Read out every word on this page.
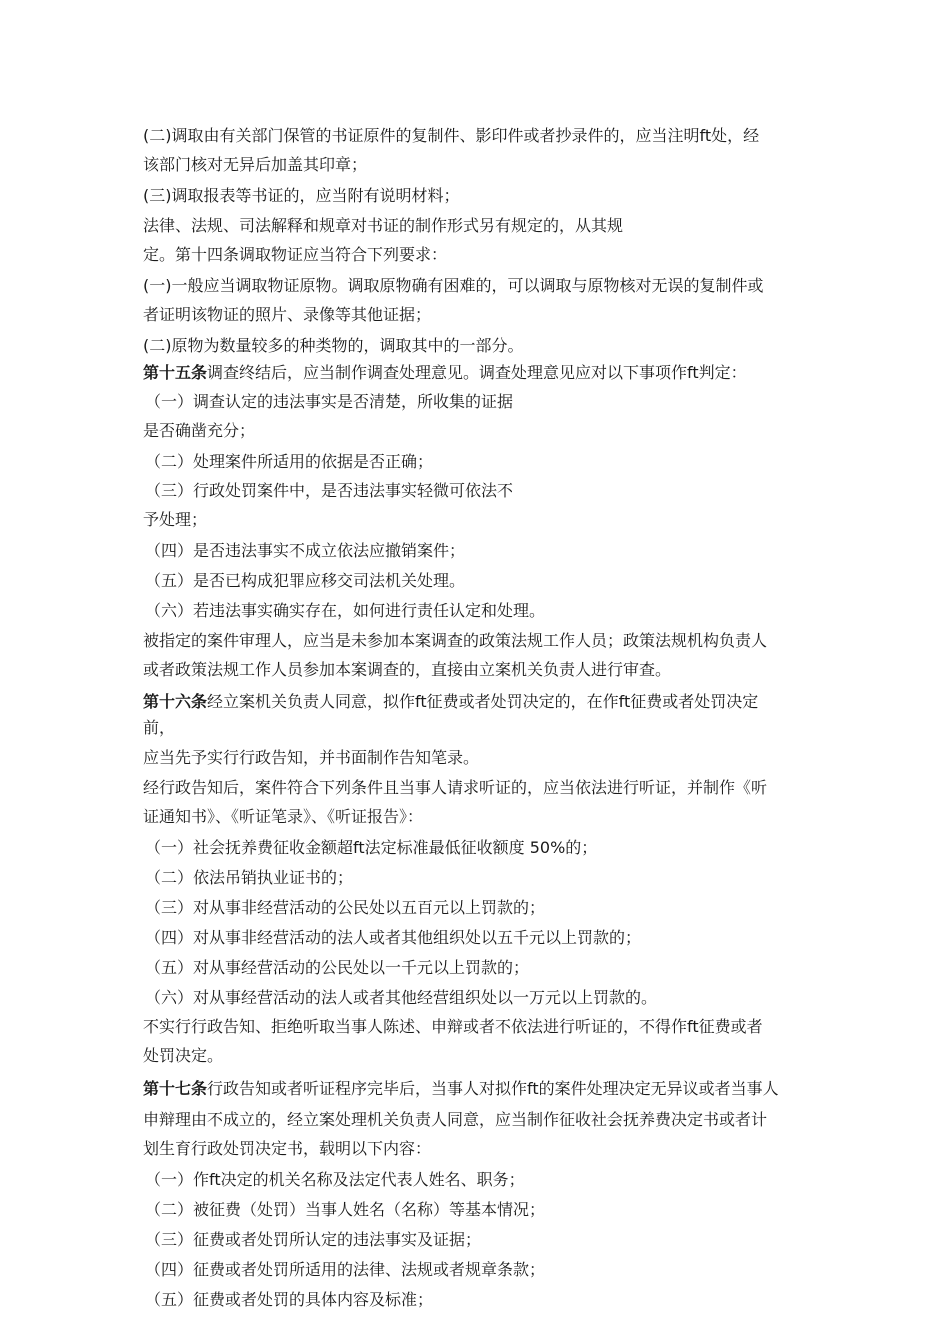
(二)调取由有关部门保管的书证原件的复制件、影印件或者抄录件的，应当注明ft处，经
该部门核对无异后加盖其印章；
(三)调取报表等书证的，应当附有说明材料；
法律、法规、司法解释和规章对书证的制作形式另有规定的，从其规
定。第十四条调取物证应当符合下列要求：
(一)一般应当调取物证原物。调取原物确有困难的，可以调取与原物核对无误的复制件或
者证明该物证的照片、录像等其他证据；
(二)原物为数量较多的种类物的，调取其中的一部分。
第十五条调查终结后，应当制作调查处理意见。调查处理意见应对以下事项作ft判定：
（一）调查认定的违法事实是否清楚，所收集的证据
是否确凿充分；
（二）处理案件所适用的依据是否正确；
（三）行政处罚案件中，是否违法事实轻微可依法不
予处理；
（四）是否违法事实不成立依法应撤销案件；
（五）是否已构成犯罪应移交司法机关处理。
（六）若违法事实确实存在，如何进行责任认定和处理。
被指定的案件审理人，应当是未参加本案调查的政策法规工作人员；政策法规机构负责人
或者政策法规工作人员参加本案调查的，直接由立案机关负责人进行审查。
第十六条经立案机关负责人同意，拟作ft征费或者处罚决定的，在作ft征费或者处罚决定
前，
应当先予实行行政告知，并书面制作告知笔录。
经行政告知后，案件符合下列条件且当事人请求听证的，应当依法进行听证，并制作《听
证通知书》、《听证笔录》、《听证报告》：
（一）社会抚养费征收金额超ft法定标准最低征收额度 50%的；
（二）依法吊销执业证书的；
（三）对从事非经营活动的公民处以五百元以上罚款的；
（四）对从事非经营活动的法人或者其他组织处以五千元以上罚款的；
（五）对从事经营活动的公民处以一千元以上罚款的；
（六）对从事经营活动的法人或者其他经营组织处以一万元以上罚款的。
不实行行政告知、拒绝听取当事人陈述、申辩或者不依法进行听证的，不得作ft征费或者
处罚决定。
第十七条行政告知或者听证程序完毕后，当事人对拟作ft的案件处理决定无异议或者当事人
申辩理由不成立的，经立案处理机关负责人同意，应当制作征收社会抚养费决定书或者计
划生育行政处罚决定书，载明以下内容：
（一）作ft决定的机关名称及法定代表人姓名、职务；
（二）被征费（处罚）当事人姓名（名称）等基本情况；
（三）征费或者处罚所认定的违法事实及证据；
（四）征费或者处罚所适用的法律、法规或者规章条款；
（五）征费或者处罚的具体内容及标准；
